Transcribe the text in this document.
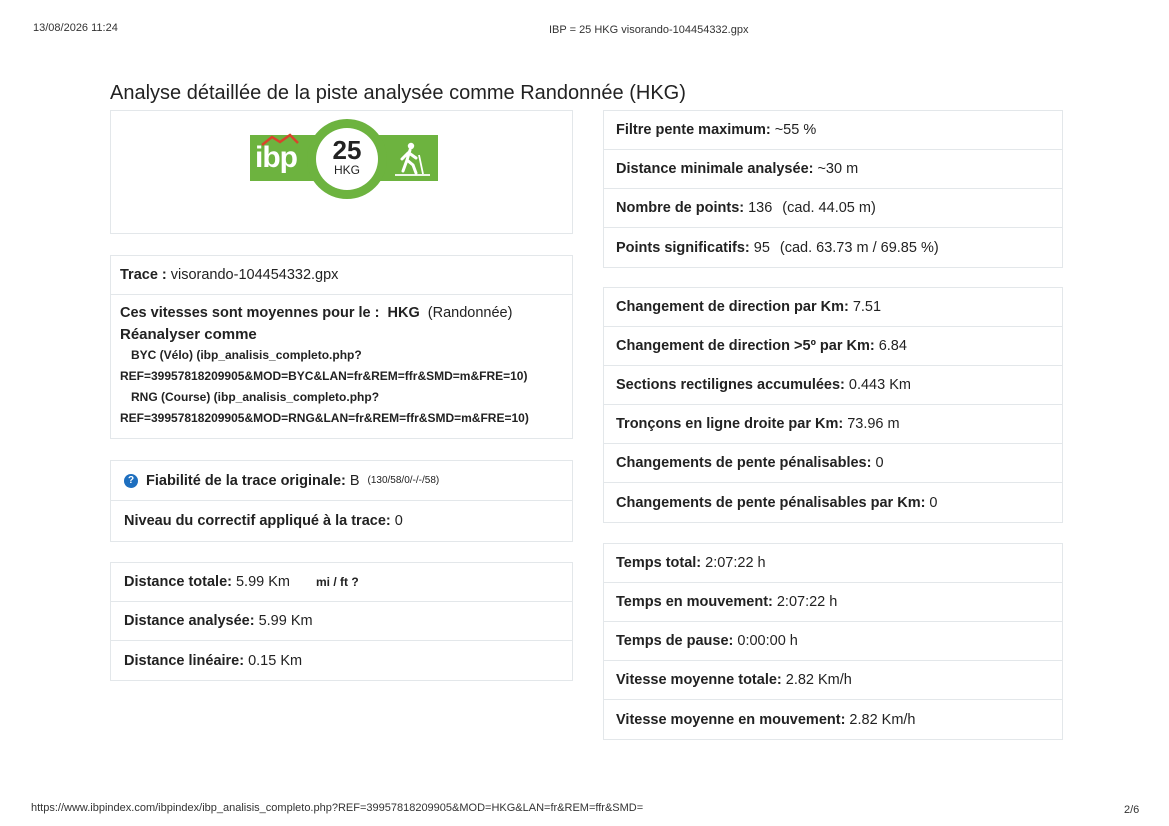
13/08/2026 11:24	IBP = 25 HKG visorando-104454332.gpx
https://www.ibpindex.com/ibpindex/ibp_analisis_completo.php?REF=39957818209905&MOD=HKG&LAN=fr&REM=ffr&SMD=	2/6
Analyse détaillée de la piste analysée comme Randonnée (HKG)
ibp	25
HKG
Trace : visorando-104454332.gpx
Ces vitesses sont moyennes pour le : HKG (Randonnée)
Réanalyser comme
BYC (Vélo) (ibp_analisis_completo.php?
REF=39957818209905&MOD=BYC&LAN=fr&REM=ffr&SMD=m&FRE=10)
RNG (Course) (ibp_analisis_completo.php?
REF=39957818209905&MOD=RNG&LAN=fr&REM=ffr&SMD=m&FRE=10)
? Fiabilité de la trace originale: B (130/58/0/-/-/58)
Niveau du correctif appliqué à la trace: 0
Distance totale: 5.99 Km mi / ft ?
Distance analysée: 5.99 Km
Distance linéaire: 0.15 Km
Filtre pente maximum: ~55 %
Distance minimale analysée: ~30 m
Nombre de points: 136 (cad. 44.05 m)
Points significatifs: 95 (cad. 63.73 m / 69.85 %)
Changement de direction par Km: 7.51
Changement de direction >5º par Km: 6.84
Sections rectilignes accumulées: 0.443 Km
Tronçons en ligne droite par Km: 73.96 m
Changements de pente pénalisables: 0
Changements de pente pénalisables par Km: 0
Temps total: 2:07:22 h
Temps en mouvement: 2:07:22 h
Temps de pause: 0:00:00 h
Vitesse moyenne totale: 2.82 Km/h
Vitesse moyenne en mouvement: 2.82 Km/h
